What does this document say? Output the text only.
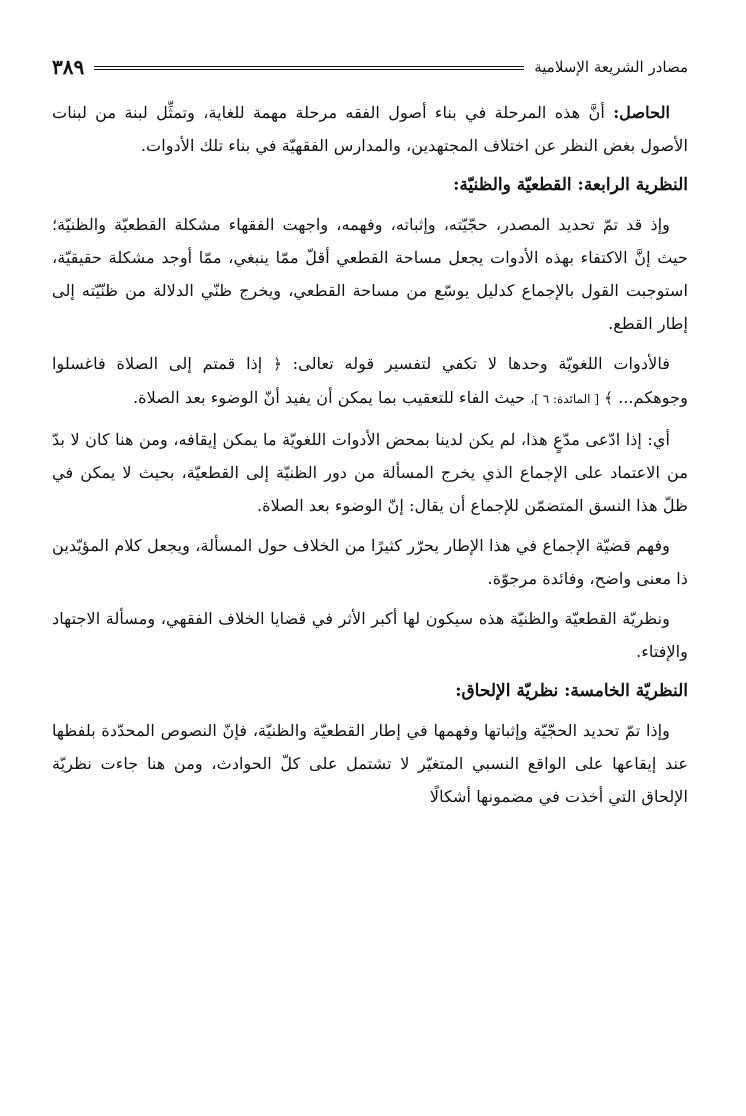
مصادر الشريعة الإسلامية
٣٨٩

الحاصل: أنَّ هذه المرحلة في بناء أصول الفقه مرحلة مهمة للغاية، وتمثِّل لبنة من لبنات الأصول بغض النظر عن اختلاف المجتهدين، والمدارس الفقهيّة في بناء تلك الأدوات.

النظرية الرابعة: القطعيّة والظنيّة:

وإذ قد تمّ تحديد المصدر، حجّيّته، وإثباته، وفهمه، واجهت الفقهاء مشكلة القطعيّة والظنيّة؛ حيث إنَّ الاكتفاء بهذه الأدوات يجعل مساحة القطعي أقلّ ممّا ينبغي، ممّا أوجد مشكلة حقيقيّة، استوجبت القول بالإجماع كدليل يوسّع من مساحة القطعي، ويخرج ظنّي الدلالة من ظنّيّته إلى إطار القطع.

فالأدوات اللغويّة وحدها لا تكفي لتفسير قوله تعالى: ﴿ إذا قمتم إلى الصلاة فاغسلوا وجوهكم... ﴾ [ المائدة: ٦ ]، حيث الفاء للتعقيب بما يمكن أن يفيد أنّ الوضوء بعد الصلاة.

أي: إذا ادّعى مدّعٍ هذا، لم يكن لدينا بمحض الأدوات اللغويّة ما يمكن إيقافه، ومن هنا كان لا بدّ من الاعتماد على الإجماع الذي يخرج المسألة من دور الظنيّة إلى القطعيّة، بحيث لا يمكن في ظلّ هذا النسق المتضمّن للإجماع أن يقال: إنّ الوضوء بعد الصلاة.

وفهم قضيّة الإجماع في هذا الإطار يحرّر كثيرًا من الخلاف حول المسألة، ويجعل كلام المؤيّدين ذا معنى واضح، وفائدة مرجوّة.

ونظريّة القطعيّة والظنيّة هذه سيكون لها أكبر الأثر في قضايا الخلاف الفقهي، ومسألة الاجتهاد والإفتاء.

النظريّة الخامسة: نظريّة الإلحاق:

وإذا تمّ تحديد الحجّيّة وإثباتها وفهمها في إطار القطعيّة والظنيّة، فإنّ النصوص المحدّدة بلفظها عند إيقاعها على الواقع النسبي المتغيّر لا تشتمل على كلّ الحوادث، ومن هنا جاءت نظريّة الإلحاق التي أخذت في مضمونها أشكالًا
